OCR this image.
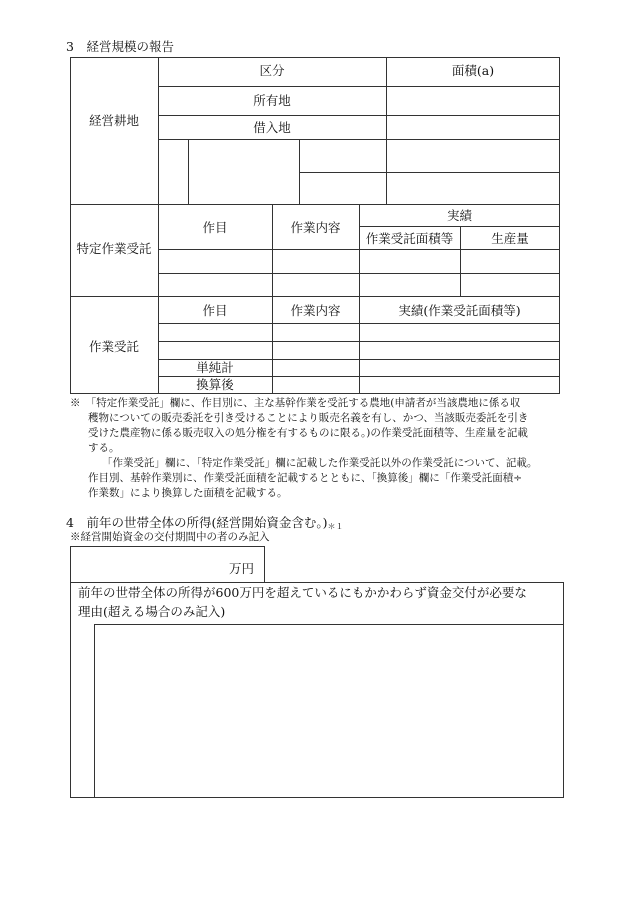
3　経営規模の報告
区分	面積(a)
経営耕地
所有地
借入地
特定作業受託
作目	作業内容
実績
作業受託面積等	生産量
作業受託
作目	作業内容	実績(作業受託面積等)
単純計
換算後
※　「特定作業受託」欄に、作目別に、主な基幹作業を受託する農地(申請者が当該農地に係る収
穫物についての販売委託を引き受けることにより販売名義を有し、かつ、当該販売委託を引き
受けた農産物に係る販売収入の処分権を有するものに限る。)の作業受託面積等、生産量を記載
する。
「作業受託」欄に、「特定作業受託」欄に記載した作業受託以外の作業受託について、記載。
作目別、基幹作業別に、作業受託面積を記載するとともに、「換算後」欄に「作業受託面積÷
作業数」により換算した面積を記載する。
4　前年の世帯全体の所得(経営開始資金含む。)$_{*1}$
※経営開始資金の交付期間中の者のみ記入
万円
前年の世帯全体の所得が600万円を超えているにもかかわらず資金交付が必要な
理由(超える場合のみ記入)
